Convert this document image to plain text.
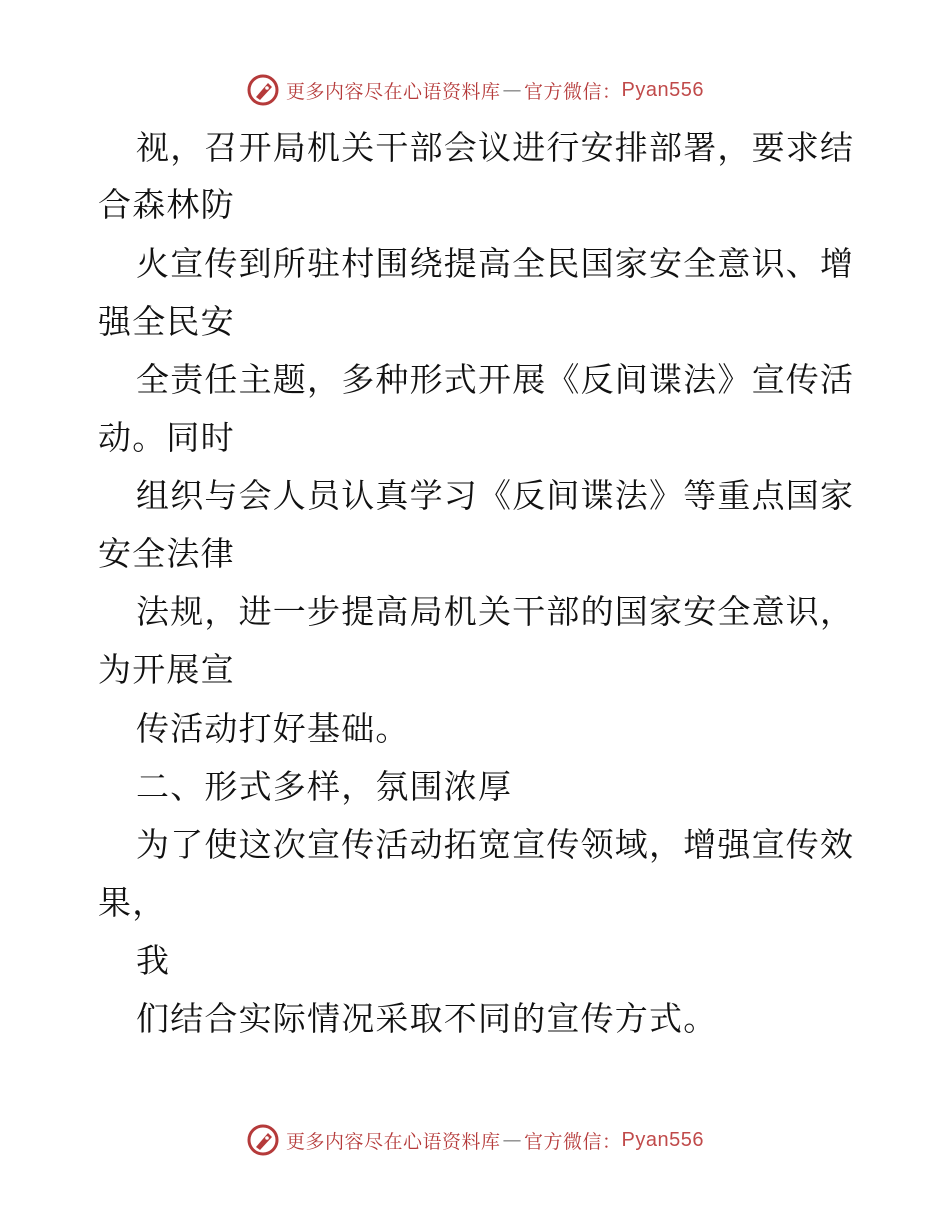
更多内容尽在心语资料库 — 官方微信： Pyan556
视，召开局机关干部会议进行安排部署，要求结
合森林防
火宣传到所驻村围绕提高全民国家安全意识、增
强全民安
全责任主题，多种形式开展《反间谍法》宣传活
动。同时
组织与会人员认真学习《反间谍法》等重点国家
安全法律
法规，进一步提高局机关干部的国家安全意识，
为开展宣
传活动打好基础。
二、形式多样，氛围浓厚
为了使这次宣传活动拓宽宣传领域，增强宣传效
果，
我
们结合实际情况采取不同的宣传方式。
更多内容尽在心语资料库 — 官方微信： Pyan556
